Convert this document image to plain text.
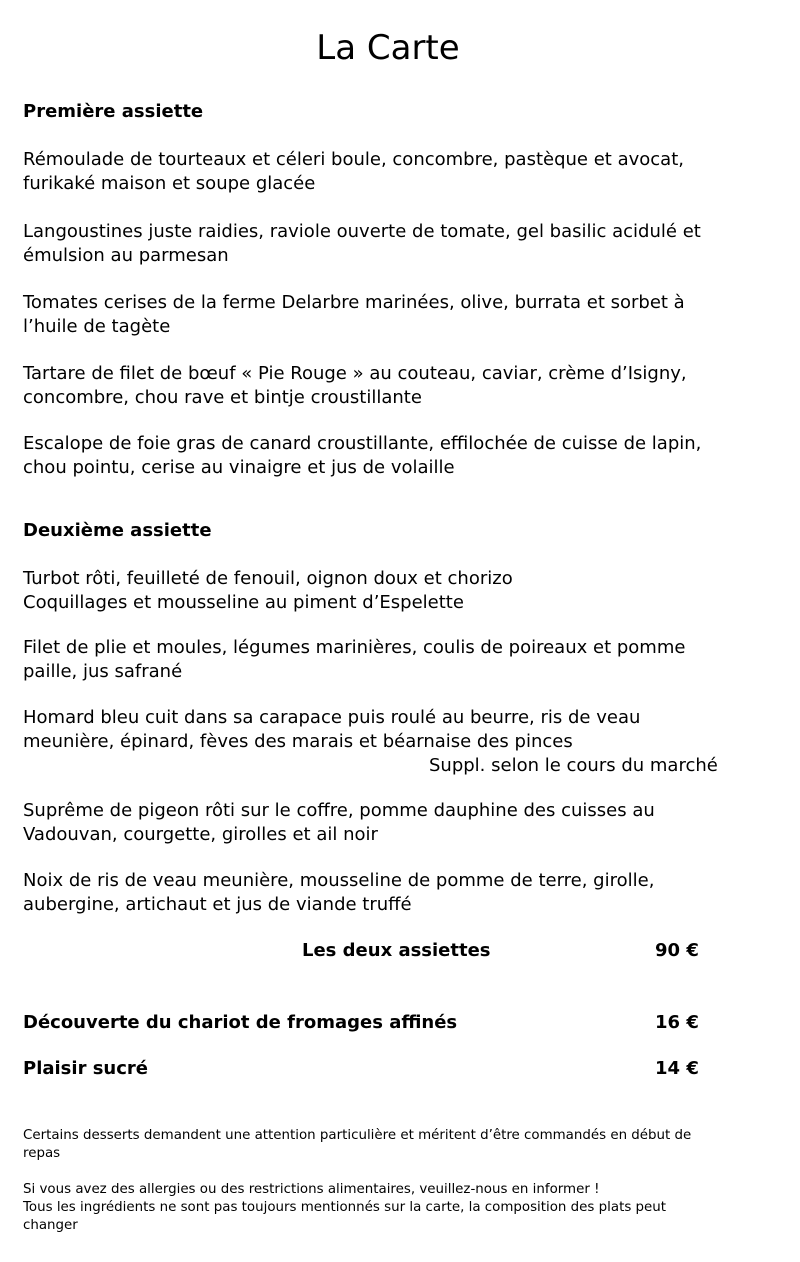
La Carte
Première assiette
Rémoulade de tourteaux et céleri boule, concombre, pastèque et avocat,
furikaké maison et soupe glacée
Langoustines juste raidies, raviole ouverte de tomate, gel basilic acidulé et
émulsion au parmesan
Tomates cerises de la ferme Delarbre marinées, olive, burrata et sorbet à
l’huile de tagète
Tartare de filet de bœuf « Pie Rouge » au couteau, caviar, crème d’Isigny,
concombre, chou rave et bintje croustillante
Escalope de foie gras de canard croustillante, effilochée de cuisse de lapin,
chou pointu, cerise au vinaigre et jus de volaille
Deuxième assiette
Turbot rôti, feuilleté de fenouil, oignon doux et chorizo
Coquillages et mousseline au piment d’Espelette
Filet de plie et moules, légumes marinières, coulis de poireaux et pomme
paille, jus safrané
Homard bleu cuit dans sa carapace puis roulé au beurre, ris de veau
meunière, épinard, fèves des marais et béarnaise des pinces
Suppl. selon le cours du marché
Suprême de pigeon rôti sur le coffre, pomme dauphine des cuisses au
Vadouvan, courgette, girolles et ail noir
Noix de ris de veau meunière, mousseline de pomme de terre, girolle,
aubergine, artichaut et jus de viande truffé
Les deux assiettes	90 €
Découverte du chariot de fromages affinés	16 €
Plaisir sucré	14 €
Certains desserts demandent une attention particulière et méritent d’être commandés en début de
repas
Si vous avez des allergies ou des restrictions alimentaires, veuillez-nous en informer !
Tous les ingrédients ne sont pas toujours mentionnés sur la carte, la composition des plats peut
changer
